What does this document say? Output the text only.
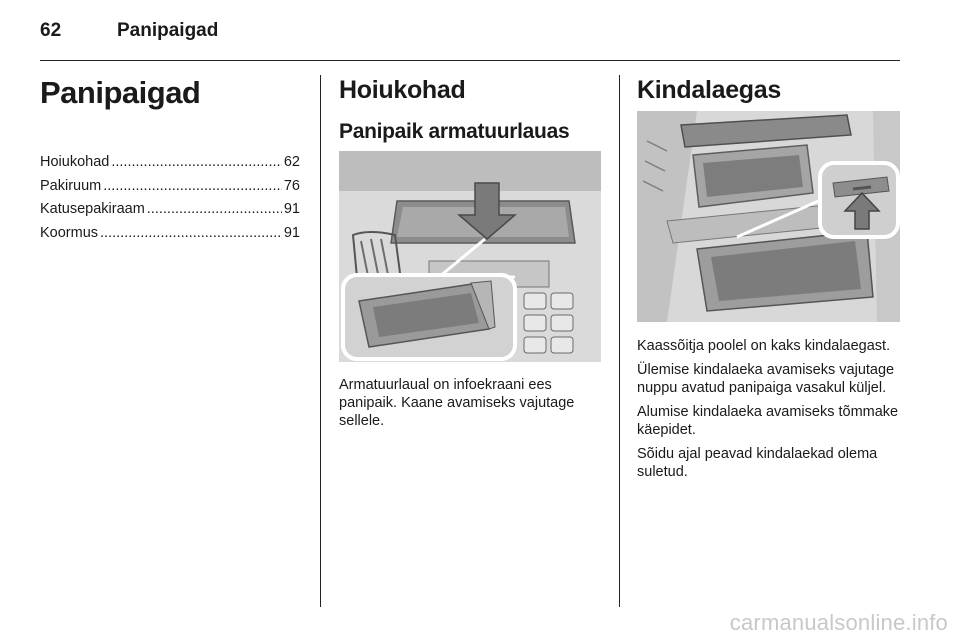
62	Panipaigad
Panipaigad
Hoiukohad .....	62
Pakiruum .....	76
Katusepakiraam .....	91
Koormus .....	91
Hoiukohad
Panipaik armatuurlauas

Armatuurlaual on infoekraani ees panipaik. Kaane avamiseks vajutage sellele.

Kindalaegas

Kaassõitja poolel on kaks kindalaegast.

Ülemise kindalaeka avamiseks vajutage nuppu avatud panipaiga vasakul küljel.

Alumise kindalaeka avamiseks tõmmake käepidet.

Sõidu ajal peavad kindalaekad olema suletud.

carmanualsonline.info
